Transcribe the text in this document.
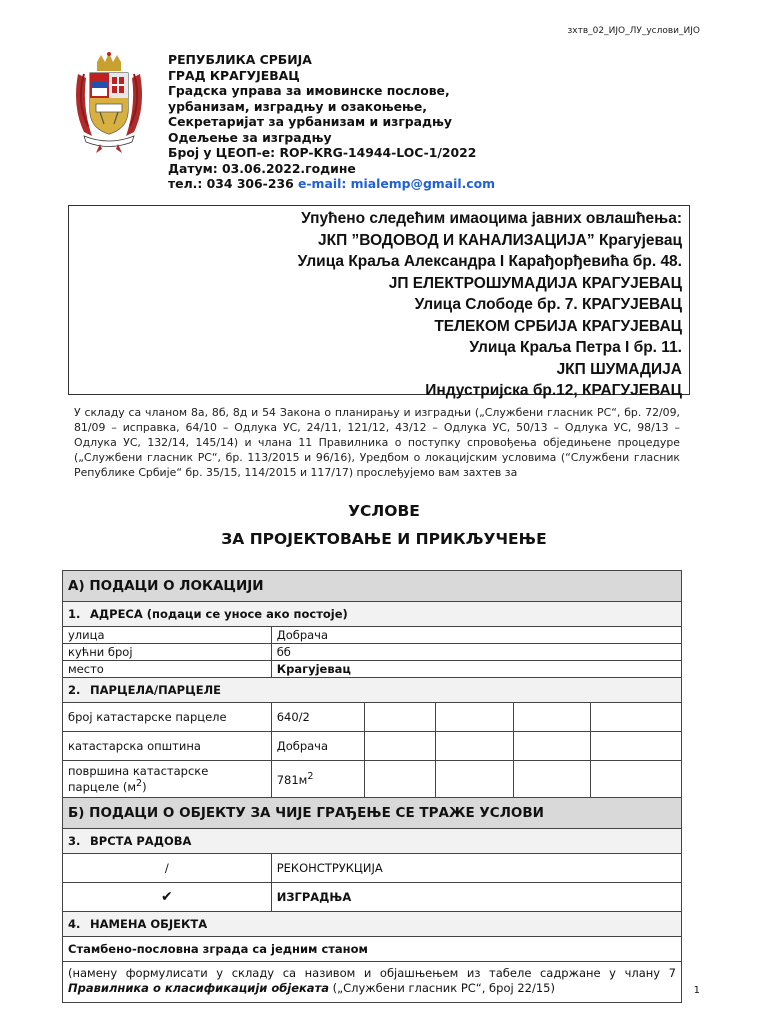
зхтв_02_ИЈО_ЛУ_услови_ИЈО
РЕПУБЛИКА СРБИЈА
ГРАД КРАГУЈЕВАЦ
Градска управа за имовинске послове,
урбанизам, изградњу и озакоњење,
Секретаријат за урбанизам и изградњу
Одељење за изградњу
Број у ЦЕОП-е: ROP-KRG-14944-LOC-1/2022
Датум: 03.06.2022.године
тел.: 034 306-236 e-mail: mialemp@gmail.com
Упућено следећим имаоцима јавних овлашћења:
ЈКП ”ВОДОВОД И КАНАЛИЗАЦИЈА” Крагујевац
Улица Краља Александра I Карађорђевића бр. 48.
ЈП ЕЛЕКТРОШУМАДИЈА КРАГУЈЕВАЦ
Улица Слободе бр. 7. КРАГУЈЕВАЦ
ТЕЛЕКОМ СРБИЈА КРАГУЈЕВАЦ
Улица Краља Петра I бр. 11.
ЈКП ШУМАДИЈА
Индустријска бр.12, КРАГУЈЕВАЦ
У складу са чланом 8а, 8б, 8д и 54 Закона о планирању и изградњи („Службени гласник РС“, бр. 72/09, 81/09 – исправка, 64/10 – Одлука УС, 24/11, 121/12, 43/12 – Одлука УС, 50/13 – Одлука УС, 98/13 – Одлука УС, 132/14, 145/14) и члана 11 Правилника о поступку спровођења обједињене процедуре („Службени гласник РС“, бр. 113/2015 и 96/16), Уредбом о локацијским условима (“Службени гласник Републике Србије“ бр. 35/15, 114/2015 и 117/17) прослеђујемо вам захтев за
УСЛОВЕ
ЗА ПРОЈЕКТОВАЊЕ И ПРИКЉУЧЕЊЕ
А) ПОДАЦИ О ЛОКАЦИЈИ					
1. АДРЕСА (подаци се уносе ако постоје)					
улица	Добрача				
кућни број	бб				
место	Крагујевац				
2. ПАРЦЕЛА/ПАРЦЕЛЕ					
број катастарске парцеле	640/2				
катастарска општина	Добрача				
површина катастарске
парцеле $(м^2)$	$781м^2$				
Б) ПОДАЦИ О ОБЈЕКТУ ЗА ЧИЈЕ ГРАЂЕЊЕ СЕ ТРАЖЕ УСЛОВИ					
3. ВРСТА РАДОВА					
/	РЕКОНСТРУКЦИЈА				
✔	ИЗГРАДЊА				
4. НАМЕНА ОБЈЕКТА					
Стамбено-пословна зграда са једним станом					
(намену формулисати у складу са називом и објашњењем из табеле садржане у члану 7 Правилника о класификацији објеката („Службени гласник РС“, број 22/15)						1
